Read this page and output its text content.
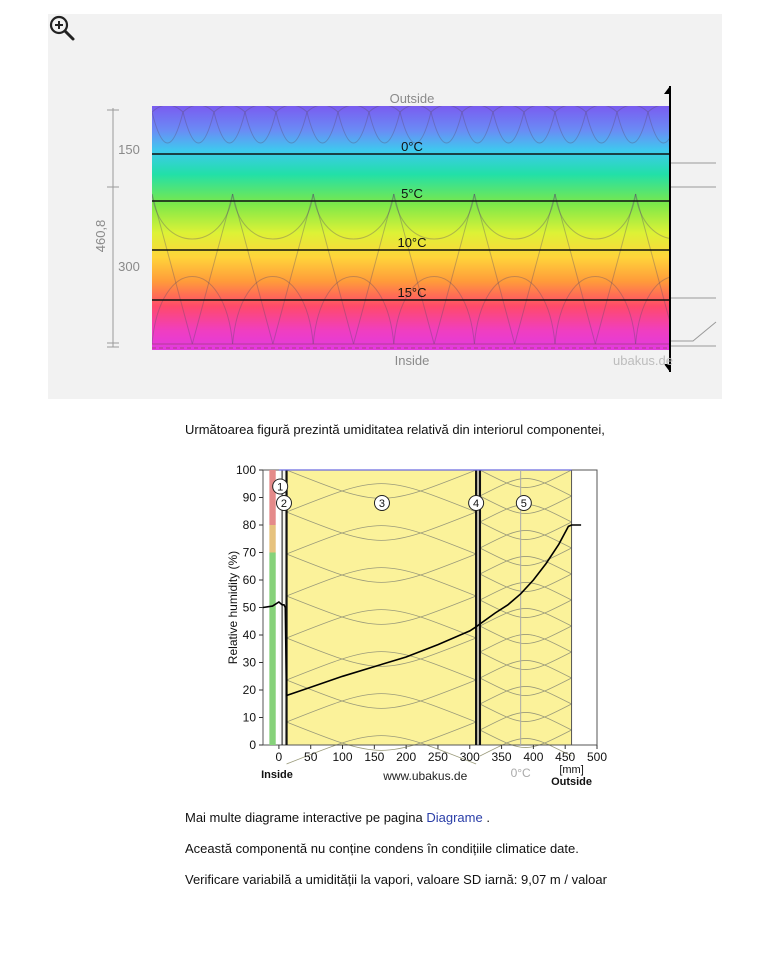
Outside
0°C
5°C
10°C
15°C
150
300
460,8
Inside	ubakus.de
Următoarea figură prezintă umiditatea relativă din interiorul componentei,
1
2	3	4	5
0
10
20
30
40
50
60
70
80
90
100
0 50 100 150 200 250 300 350 400 450 500
Relative humidity (%)
[mm]
Inside
Outside
www.ubakus.de	0°C
Mai multe diagrame interactive pe pagina Diagrame .
Această componentă nu conține condens în condițiile climatice date.
Verificare variabilă a umidității la vapori, valoare SD iarnă: 9,07 m / valoar
